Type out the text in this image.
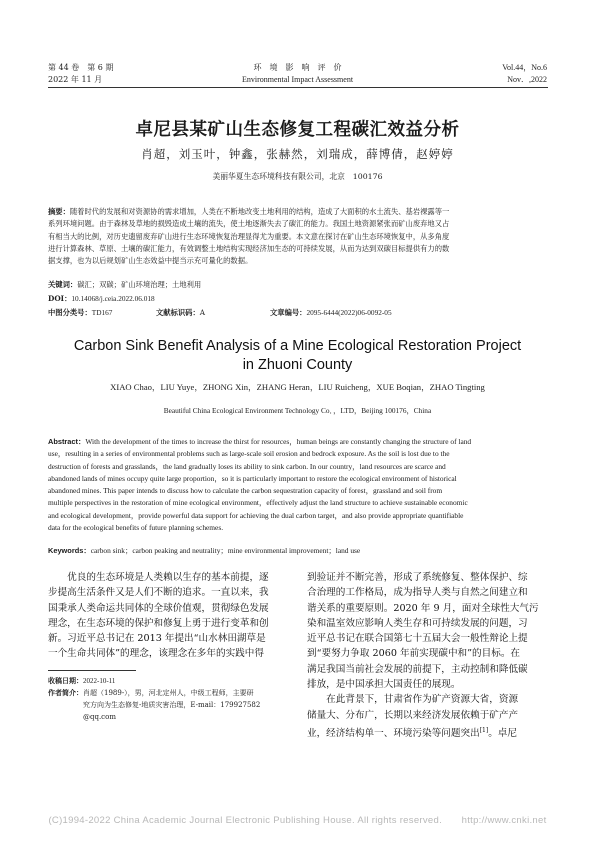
第 44 卷　第 6 期
2022 年 11 月
环　境　影　响　评　价
Environmental Impact Assessment
Vol.44，No.6
Nov．,2022
卓尼县某矿山生态修复工程碳汇效益分析
肖超，刘玉叶，钟鑫，张赫然，刘瑞成，薛博倩，赵婷婷
美丽华夏生态环境科技有限公司，北京　100176
摘要：随着时代的发展和对资源协的需求增加，人类在不断地改变土地利用的结构，造成了大面积的水土流失、基岩裸露等一
系列环境问题。由于森林及草地的损毁造成土壤的流失，使土地逐渐失去了碳汇的能力。我国土地资源紧张而矿山废弃地又占
有相当大的比例，对历史遗留废弃矿山进行生态环境恢复治理显得尤为重要。本文意在探讨在矿山生态环境恢复中，从多角度
进行计算森林、草原、土壤的碳汇能力，有效调整土地结构实现经济加生态的可持续发展，从而为达到双碳目标提供有力的数
据支撑，也为以后规划矿山生态效益中提当示充可量化的数据。
关键词：碳汇；双碳；矿山环境治理；土地利用
DOI：10.14068/j.ceia.2022.06.018
中图分类号：TD167	文献标识码：A	文章编号：2095-6444(2022)06-0092-05
Carbon Sink Benefit Analysis of a Mine Ecological Restoration Project
in Zhuoni County
XIAO Chao，LIU Yuye，ZHONG Xin，ZHANG Heran，LIU Ruicheng，XUE Boqian，ZHAO Tingting
Beautiful China Ecological Environment Technology Co．，LTD，Beijing 100176，China
Abstract：With the development of the times to increase the thirst for resources，human beings are constantly changing the structure of land
use，resulting in a series of environmental problems such as large-scale soil erosion and bedrock exposure. As the soil is lost due to the
destruction of forests and grasslands，the land gradually loses its ability to sink carbon. In our country，land resources are scarce and
abandoned lands of mines occupy quite large proportion，so it is particularly important to restore the ecological environment of historical
abandoned mines. This paper intends to discuss how to calculate the carbon sequestration capacity of forest，grassland and soil from
multiple perspectives in the restoration of mine ecological environment，effectively adjust the land structure to achieve sustainable economic
and ecological development，provide powerful data support for achieving the dual carbon target，and also provide appropriate quantifiable
data for the ecological benefits of future planning schemes.
Keywords：carbon sink；carbon peaking and neutrality；mine environmental improvement；land use
　　优良的生态环境是人类赖以生存的基本前提，逐
步提高生活条件又是人们不断的追求。一直以来，我
国秉承人类命运共同体的全球价值观，贯彻绿色发展
理念，在生态环境的保护和修复上勇于进行变革和创
新。习近平总书记在 2013 年提出“山水林田湖草是
一个生命共同体”的理念，该理念在多年的实践中得
收稿日期：2022-10-11
作者简介： 肖超（1989-），男，河北定州人，中级工程师，主要研
究方向为生态修复-地质灾害治理，E-mail：179927582
@qq.com
到验证并不断完善，形成了系统修复、整体保护、综
合治理的工作格局，成为指导人类与自然之间建立和
谐关系的重要原则。2020 年 9 月，面对全球性大气污
染和温室效应影响人类生存和可持续发展的问题，习
近平总书记在联合国第七十五届大会一般性辩论上提
到“要努力争取 2060 年前实现碳中和”的目标。在
满足我国当前社会发展的前提下，主动控制和降低碳
排放，是中国承担大国责任的展现。
　　在此背景下，甘肃省作为矿产资源大省，资源
储量大、分布广，长期以来经济发展依赖于矿产产
业，经济结构单一、环境污染等问题突出[1]。卓尼
(C)1994-2022 China Academic Journal Electronic Publishing House. All rights reserved.　　http://www.cnki.net
